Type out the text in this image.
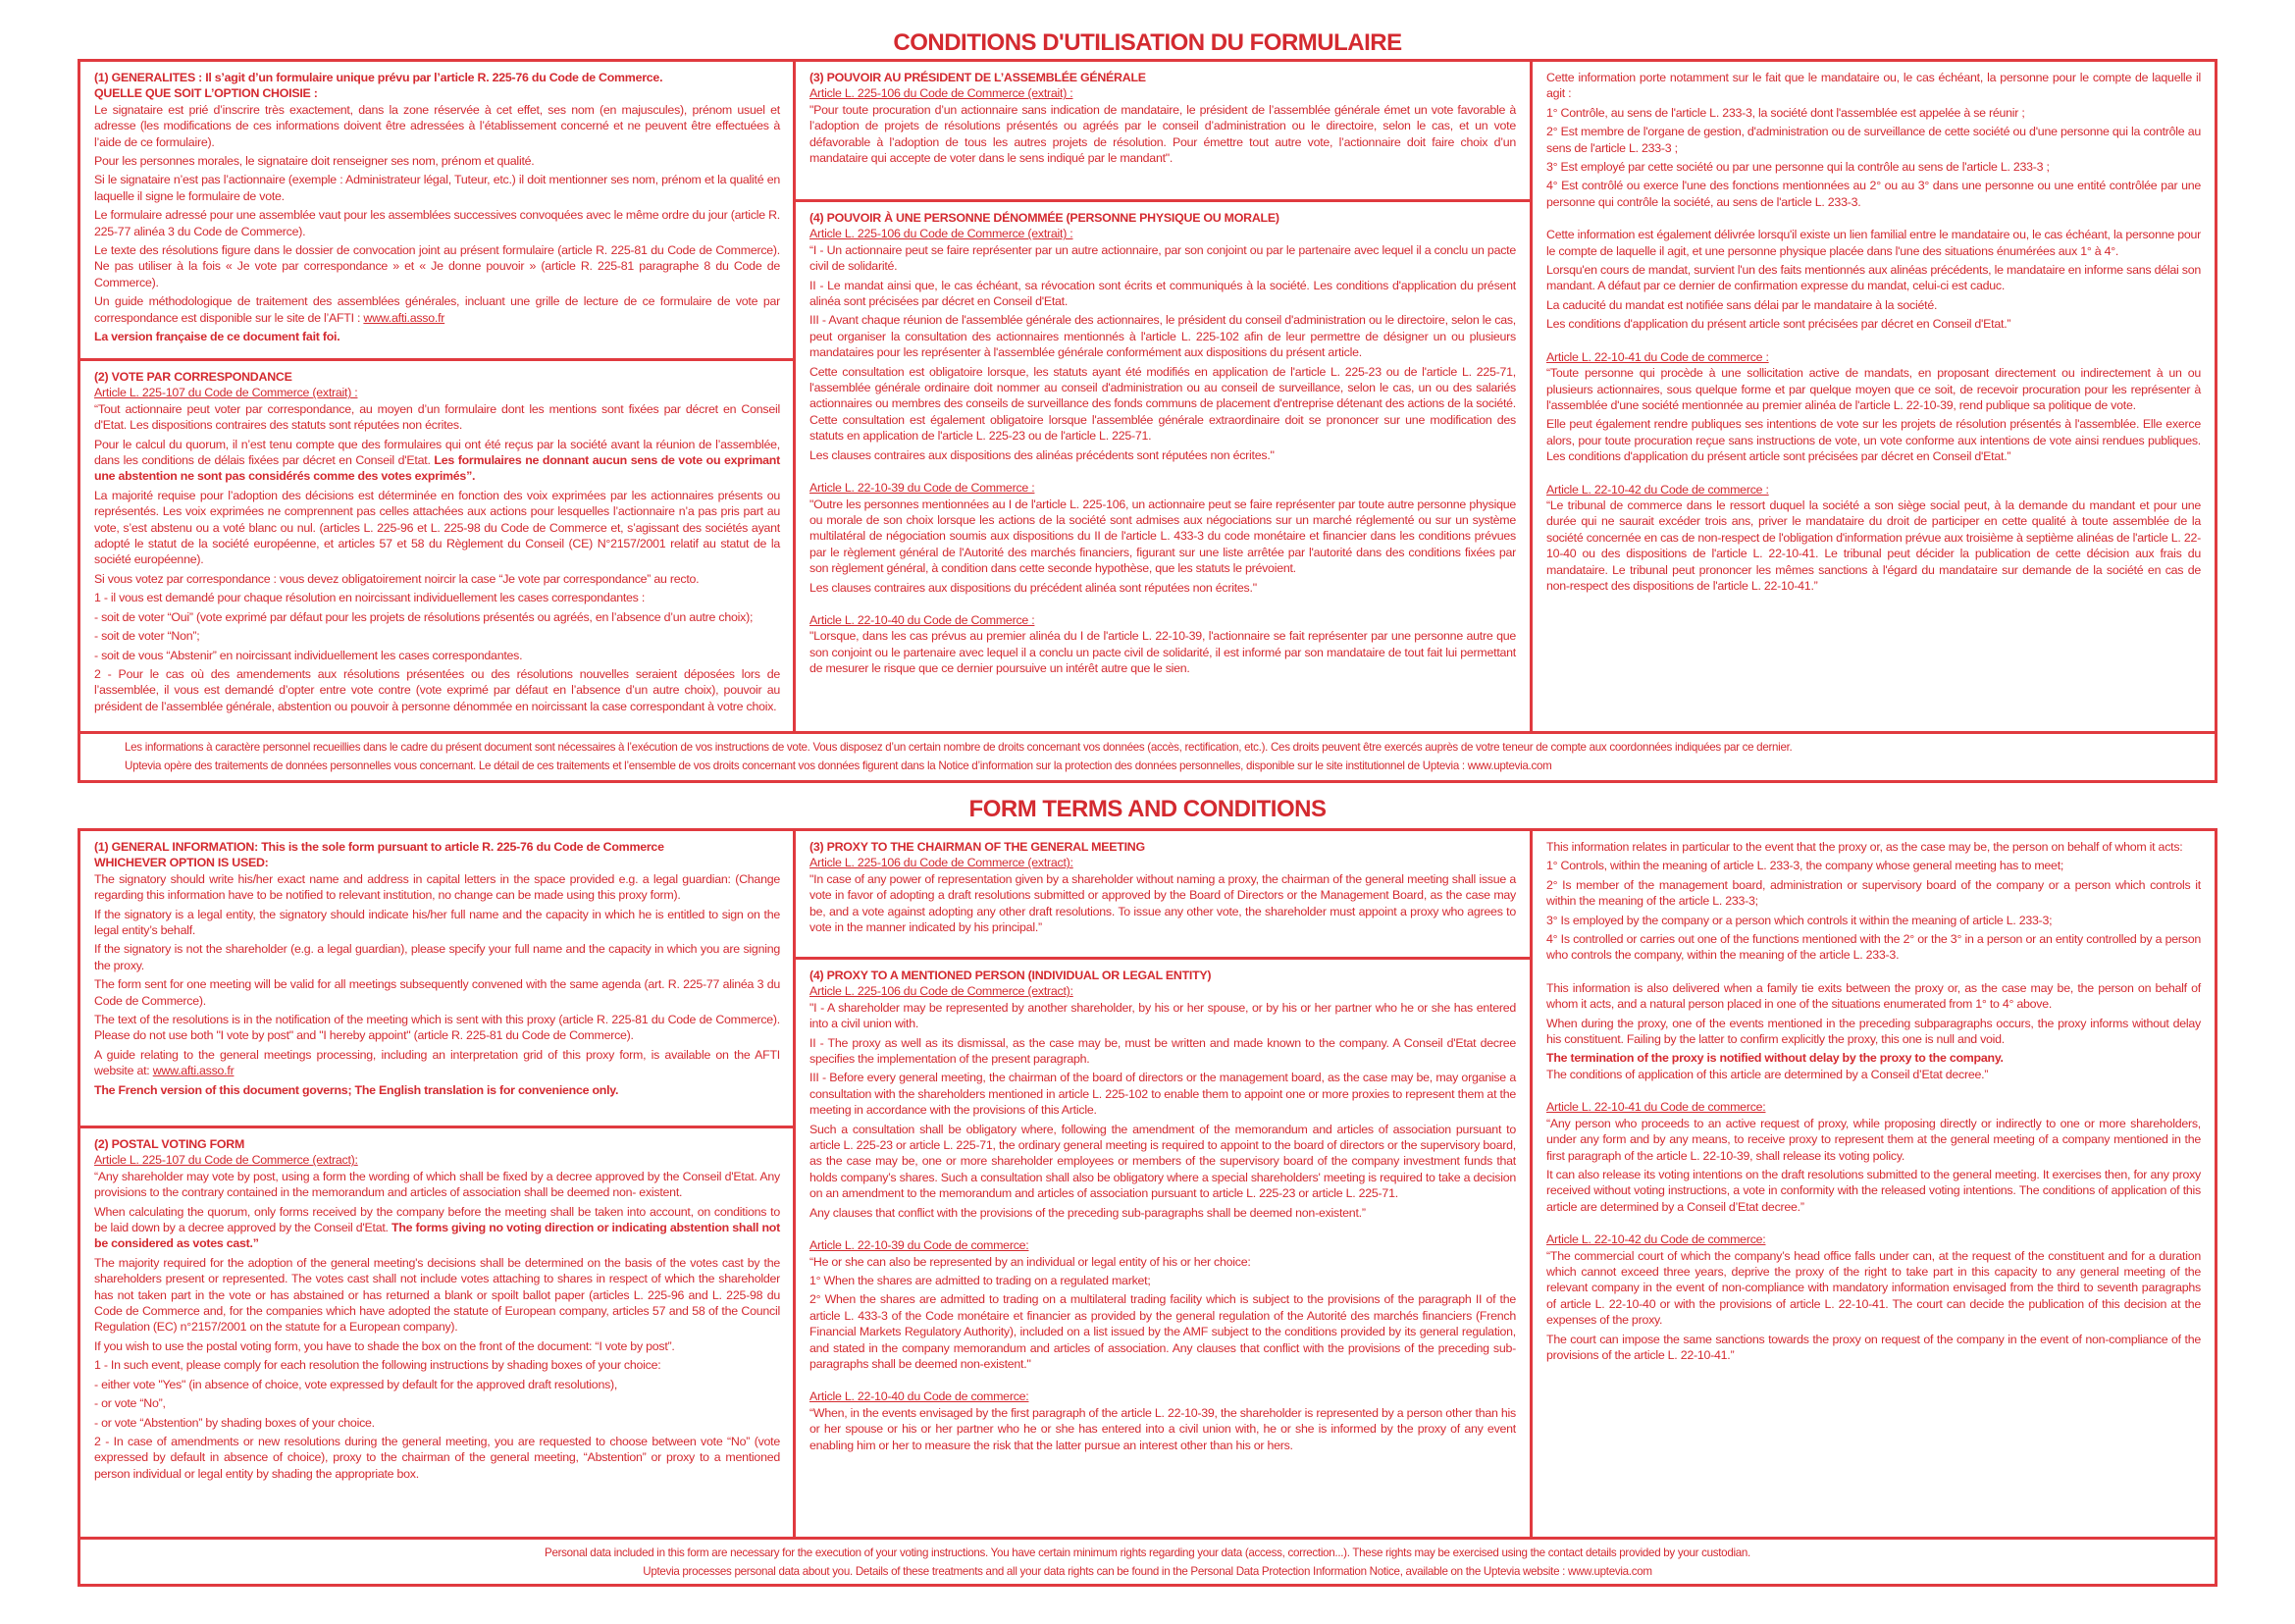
CONDITIONS D'UTILISATION DU FORMULAIRE
(1) GENERALITES : Il s’agit d’un formulaire unique prévu par l’article R. 225-76 du Code de Commerce.
QUELLE QUE SOIT L’OPTION CHOISIE :
Le signataire est prié d’inscrire très exactement, dans la zone réservée à cet effet, ses nom (en majuscules), prénom usuel et adresse (les modifications de ces informations doivent être adressées à l’établissement concerné et ne peuvent être effectuées à l’aide de ce formulaire).
Pour les personnes morales, le signataire doit renseigner ses nom, prénom et qualité.
Si le signataire n’est pas l’actionnaire (exemple : Administrateur légal, Tuteur, etc.) il doit mentionner ses nom, prénom et la qualité en laquelle il signe le formulaire de vote.
Le formulaire adressé pour une assemblée vaut pour les assemblées successives convoquées avec le même ordre du jour (article R. 225-77 alinéa 3 du Code de Commerce).
Le texte des résolutions figure dans le dossier de convocation joint au présent formulaire (article R. 225-81 du Code de Commerce). Ne pas utiliser à la fois « Je vote par correspondance » et « Je donne pouvoir » (article R. 225-81 paragraphe 8 du Code de Commerce).
Un guide méthodologique de traitement des assemblées générales, incluant une grille de lecture de ce formulaire de vote par correspondance est disponible sur le site de l’AFTI : www.afti.asso.fr
La version française de ce document fait foi.
(2) VOTE PAR CORRESPONDANCE
Article L. 225-107 du Code de Commerce (extrait) :
“Tout actionnaire peut voter par correspondance, au moyen d’un formulaire dont les mentions sont fixées par décret en Conseil d'Etat. Les dispositions contraires des statuts sont réputées non écrites.
Pour le calcul du quorum, il n’est tenu compte que des formulaires qui ont été reçus par la société avant la réunion de l’assemblée, dans les conditions de délais fixées par décret en Conseil d'Etat. Les formulaires ne donnant aucun sens de vote ou exprimant une abstention ne sont pas considérés comme des votes exprimés”.
La majorité requise pour l’adoption des décisions est déterminée en fonction des voix exprimées par les actionnaires présents ou représentés. Les voix exprimées ne comprennent pas celles attachées aux actions pour lesquelles l’actionnaire n’a pas pris part au vote, s’est abstenu ou a voté blanc ou nul. (articles L. 225-96 et L. 225-98 du Code de Commerce et, s’agissant des sociétés ayant adopté le statut de la société européenne, et articles 57 et 58 du Règlement du Conseil (CE) N°2157/2001 relatif au statut de la société européenne).
Si vous votez par correspondance : vous devez obligatoirement noircir la case “Je vote par correspondance” au recto.
1 - il vous est demandé pour chaque résolution en noircissant individuellement les cases correspondantes :
- soit de voter “Oui” (vote exprimé par défaut pour les projets de résolutions présentés ou agréés, en l’absence d’un autre choix);
- soit de voter “Non”;
- soit de vous “Abstenir” en noircissant individuellement les cases correspondantes.
2 - Pour le cas où des amendements aux résolutions présentées ou des résolutions nouvelles seraient déposées lors de l’assemblée, il vous est demandé d’opter entre vote contre (vote exprimé par défaut en l’absence d’un autre choix), pouvoir au président de l’assemblée générale, abstention ou pouvoir à personne dénommée en noircissant la case correspondant à votre choix.
(3) POUVOIR AU PRÉSIDENT DE L’ASSEMBLÉE GÉNÉRALE
Article L. 225-106 du Code de Commerce (extrait) :
"Pour toute procuration d’un actionnaire sans indication de mandataire, le président de l’assemblée générale émet un vote favorable à l’adoption de projets de résolutions présentés ou agréés par le conseil d’administration ou le directoire, selon le cas, et un vote défavorable à l’adoption de tous les autres projets de résolution. Pour émettre tout autre vote, l’actionnaire doit faire choix d’un mandataire qui accepte de voter dans le sens indiqué par le mandant".
(4) POUVOIR À UNE PERSONNE DÉNOMMÉE (PERSONNE PHYSIQUE OU MORALE)
Article L. 225-106 du Code de Commerce (extrait) :
“I - Un actionnaire peut se faire représenter par un autre actionnaire, par son conjoint ou par le partenaire avec lequel il a conclu un pacte civil de solidarité.
II - Le mandat ainsi que, le cas échéant, sa révocation sont écrits et communiqués à la société. Les conditions d'application du présent alinéa sont précisées par décret en Conseil d'Etat.
III - Avant chaque réunion de l'assemblée générale des actionnaires, le président du conseil d'administration ou le directoire, selon le cas, peut organiser la consultation des actionnaires mentionnés à l'article L. 225-102 afin de leur permettre de désigner un ou plusieurs mandataires pour les représenter à l'assemblée générale conformément aux dispositions du présent article.
Cette consultation est obligatoire lorsque, les statuts ayant été modifiés en application de l'article L. 225-23 ou de l'article L. 225-71, l'assemblée générale ordinaire doit nommer au conseil d'administration ou au conseil de surveillance, selon le cas, un ou des salariés actionnaires ou membres des conseils de surveillance des fonds communs de placement d'entreprise détenant des actions de la société. Cette consultation est également obligatoire lorsque l'assemblée générale extraordinaire doit se prononcer sur une modification des statuts en application de l'article L. 225-23 ou de l'article L. 225-71.
Les clauses contraires aux dispositions des alinéas précédents sont réputées non écrites."
Article L. 22-10-39 du Code de Commerce :
"Outre les personnes mentionnées au I de l'article L. 225-106, un actionnaire peut se faire représenter par toute autre personne physique ou morale de son choix lorsque les actions de la société sont admises aux négociations sur un marché réglementé ou sur un système multilatéral de négociation soumis aux dispositions du II de l'article L. 433-3 du code monétaire et financier dans les conditions prévues par le règlement général de l'Autorité des marchés financiers, figurant sur une liste arrêtée par l'autorité dans des conditions fixées par son règlement général, à condition dans cette seconde hypothèse, que les statuts le prévoient.
Les clauses contraires aux dispositions du précédent alinéa sont réputées non écrites."
Article L. 22-10-40 du Code de Commerce :
"Lorsque, dans les cas prévus au premier alinéa du I de l'article L. 22-10-39, l'actionnaire se fait représenter par une personne autre que son conjoint ou le partenaire avec lequel il a conclu un pacte civil de solidarité, il est informé par son mandataire de tout fait lui permettant de mesurer le risque que ce dernier poursuive un intérêt autre que le sien.
Cette information porte notamment sur le fait que le mandataire ou, le cas échéant, la personne pour le compte de laquelle il agit :
1° Contrôle, au sens de l'article L. 233-3, la société dont l'assemblée est appelée à se réunir ;
2° Est membre de l'organe de gestion, d'administration ou de surveillance de cette société ou d'une personne qui la contrôle au sens de l'article L. 233-3 ;
3° Est employé par cette société ou par une personne qui la contrôle au sens de l'article L. 233-3 ;
4° Est contrôlé ou exerce l'une des fonctions mentionnées au 2° ou au 3° dans une personne ou une entité contrôlée par une personne qui contrôle la société, au sens de l'article L. 233-3.
Cette information est également délivrée lorsqu'il existe un lien familial entre le mandataire ou, le cas échéant, la personne pour le compte de laquelle il agit, et une personne physique placée dans l'une des situations énumérées aux 1° à 4°.
Lorsqu'en cours de mandat, survient l'un des faits mentionnés aux alinéas précédents, le mandataire en informe sans délai son mandant. A défaut par ce dernier de confirmation expresse du mandat, celui-ci est caduc.
La caducité du mandat est notifiée sans délai par le mandataire à la société.
Les conditions d'application du présent article sont précisées par décret en Conseil d'Etat.”
Article L. 22-10-41 du Code de commerce :
“Toute personne qui procède à une sollicitation active de mandats, en proposant directement ou indirectement à un ou plusieurs actionnaires, sous quelque forme et par quelque moyen que ce soit, de recevoir procuration pour les représenter à l'assemblée d'une société mentionnée au premier alinéa de l'article L. 22-10-39, rend publique sa politique de vote.
Elle peut également rendre publiques ses intentions de vote sur les projets de résolution présentés à l'assemblée. Elle exerce alors, pour toute procuration reçue sans instructions de vote, un vote conforme aux intentions de vote ainsi rendues publiques. Les conditions d'application du présent article sont précisées par décret en Conseil d'Etat.”
Article L. 22-10-42 du Code de commerce :
“Le tribunal de commerce dans le ressort duquel la société a son siège social peut, à la demande du mandant et pour une durée qui ne saurait excéder trois ans, priver le mandataire du droit de participer en cette qualité à toute assemblée de la société concernée en cas de non-respect de l'obligation d'information prévue aux troisième à septième alinéas de l'article L. 22-10-40 ou des dispositions de l'article L. 22-10-41. Le tribunal peut décider la publication de cette décision aux frais du mandataire. Le tribunal peut prononcer les mêmes sanctions à l'égard du mandataire sur demande de la société en cas de non-respect des dispositions de l'article L. 22-10-41.”
Les informations à caractère personnel recueillies dans le cadre du présent document sont nécessaires à l’exécution de vos instructions de vote. Vous disposez d’un certain nombre de droits concernant vos données (accès, rectification, etc.). Ces droits peuvent être exercés auprès de votre teneur de compte aux coordonnées indiquées par ce dernier.
Uptevia opère des traitements de données personnelles vous concernant. Le détail de ces traitements et l’ensemble de vos droits concernant vos données figurent dans la Notice d’information sur la protection des données personnelles, disponible sur le site institutionnel de Uptevia : www.uptevia.com
FORM TERMS AND CONDITIONS
(1) GENERAL INFORMATION: This is the sole form pursuant to article R. 225-76 du Code de Commerce
WHICHEVER OPTION IS USED:
The signatory should write his/her exact name and address in capital letters in the space provided e.g. a legal guardian: (Change regarding this information have to be notified to relevant institution, no change can be made using this proxy form).
If the signatory is a legal entity, the signatory should indicate his/her full name and the capacity in which he is entitled to sign on the legal entity’s behalf.
If the signatory is not the shareholder (e.g. a legal guardian), please specify your full name and the capacity in which you are signing the proxy.
The form sent for one meeting will be valid for all meetings subsequently convened with the same agenda (art. R. 225-77 alinéa 3 du Code de Commerce).
The text of the resolutions is in the notification of the meeting which is sent with this proxy (article R. 225-81 du Code de Commerce). Please do not use both "I vote by post" and "I hereby appoint" (article R. 225-81 du Code de Commerce).
A guide relating to the general meetings processing, including an interpretation grid of this proxy form, is available on the AFTI website at: www.afti.asso.fr
The French version of this document governs; The English translation is for convenience only.
(2) POSTAL VOTING FORM
Article L. 225-107 du Code de Commerce (extract):
“Any shareholder may vote by post, using a form the wording of which shall be fixed by a decree approved by the Conseil d'Etat. Any provisions to the contrary contained in the memorandum and articles of association shall be deemed non- existent.
When calculating the quorum, only forms received by the company before the meeting shall be taken into account, on conditions to be laid down by a decree approved by the Conseil d'Etat. The forms giving no voting direction or indicating abstention shall not be considered as votes cast.”
The majority required for the adoption of the general meeting's decisions shall be determined on the basis of the votes cast by the shareholders present or represented. The votes cast shall not include votes attaching to shares in respect of which the shareholder has not taken part in the vote or has abstained or has returned a blank or spoilt ballot paper (articles L. 225-96 and L. 225-98 du Code de Commerce and, for the companies which have adopted the statute of European company, articles 57 and 58 of the Council Regulation (EC) n°2157/2001 on the statute for a European company).
If you wish to use the postal voting form, you have to shade the box on the front of the document: “I vote by post”.
1 - In such event, please comply for each resolution the following instructions by shading boxes of your choice:
- either vote "Yes" (in absence of choice, vote expressed by default for the approved draft resolutions),
- or vote “No”,
- or vote “Abstention” by shading boxes of your choice.
2 - In case of amendments or new resolutions during the general meeting, you are requested to choose between vote “No” (vote expressed by default in absence of choice), proxy to the chairman of the general meeting, “Abstention” or proxy to a mentioned person individual or legal entity by shading the appropriate box.
(3) PROXY TO THE CHAIRMAN OF THE GENERAL MEETING
Article L. 225-106 du Code de Commerce (extract):
"In case of any power of representation given by a shareholder without naming a proxy, the chairman of the general meeting shall issue a vote in favor of adopting a draft resolutions submitted or approved by the Board of Directors or the Management Board, as the case may be, and a vote against adopting any other draft resolutions. To issue any other vote, the shareholder must appoint a proxy who agrees to vote in the manner indicated by his principal.”
(4) PROXY TO A MENTIONED PERSON (INDIVIDUAL OR LEGAL ENTITY)
Article L. 225-106 du Code de Commerce (extract):
"I - A shareholder may be represented by another shareholder, by his or her spouse, or by his or her partner who he or she has entered into a civil union with.
II - The proxy as well as its dismissal, as the case may be, must be written and made known to the company. A Conseil d'Etat decree specifies the implementation of the present paragraph.
III - Before every general meeting, the chairman of the board of directors or the management board, as the case may be, may organise a consultation with the shareholders mentioned in article L. 225-102 to enable them to appoint one or more proxies to represent them at the meeting in accordance with the provisions of this Article.
Such a consultation shall be obligatory where, following the amendment of the memorandum and articles of association pursuant to article L. 225-23 or article L. 225-71, the ordinary general meeting is required to appoint to the board of directors or the supervisory board, as the case may be, one or more shareholder employees or members of the supervisory board of the company investment funds that holds company’s shares. Such a consultation shall also be obligatory where a special shareholders' meeting is required to take a decision on an amendment to the memorandum and articles of association pursuant to article L. 225-23 or article L. 225-71.
Any clauses that conflict with the provisions of the preceding sub-paragraphs shall be deemed non-existent.”
Article L. 22-10-39 du Code de commerce:
“He or she can also be represented by an individual or legal entity of his or her choice:
1° When the shares are admitted to trading on a regulated market;
2° When the shares are admitted to trading on a multilateral trading facility which is subject to the provisions of the paragraph II of the article L. 433-3 of the Code monétaire et financier as provided by the general regulation of the Autorité des marchés financiers (French Financial Markets Regulatory Authority), included on a list issued by the AMF subject to the conditions provided by its general regulation, and stated in the company memorandum and articles of association. Any clauses that conflict with the provisions of the preceding sub-paragraphs shall be deemed non-existent."
Article L. 22-10-40 du Code de commerce:
“When, in the events envisaged by the first paragraph of the article L. 22-10-39, the shareholder is represented by a person other than his or her spouse or his or her partner who he or she has entered into a civil union with, he or she is informed by the proxy of any event enabling him or her to measure the risk that the latter pursue an interest other than his or hers.
This information relates in particular to the event that the proxy or, as the case may be, the person on behalf of whom it acts:
1° Controls, within the meaning of article L. 233-3, the company whose general meeting has to meet;
2° Is member of the management board, administration or supervisory board of the company or a person which controls it within the meaning of the article L. 233-3;
3° Is employed by the company or a person which controls it within the meaning of article L. 233-3;
4° Is controlled or carries out one of the functions mentioned with the 2° or the 3° in a person or an entity controlled by a person who controls the company, within the meaning of the article L. 233-3.
This information is also delivered when a family tie exits between the proxy or, as the case may be, the person on behalf of whom it acts, and a natural person placed in one of the situations enumerated from 1° to 4° above.
When during the proxy, one of the events mentioned in the preceding subparagraphs occurs, the proxy informs without delay his constituent. Failing by the latter to confirm explicitly the proxy, this one is null and void.
The termination of the proxy is notified without delay by the proxy to the company.
The conditions of application of this article are determined by a Conseil d’Etat decree.”
Article L. 22-10-41 du Code de commerce:
“Any person who proceeds to an active request of proxy, while proposing directly or indirectly to one or more shareholders, under any form and by any means, to receive proxy to represent them at the general meeting of a company mentioned in the first paragraph of the article L. 22-10-39, shall release its voting policy.
It can also release its voting intentions on the draft resolutions submitted to the general meeting. It exercises then, for any proxy received without voting instructions, a vote in conformity with the released voting intentions. The conditions of application of this article are determined by a Conseil d’Etat decree.”
Article L. 22-10-42 du Code de commerce:
“The commercial court of which the company’s head office falls under can, at the request of the constituent and for a duration which cannot exceed three years, deprive the proxy of the right to take part in this capacity to any general meeting of the relevant company in the event of non-compliance with mandatory information envisaged from the third to seventh paragraphs of article L. 22-10-40 or with the provisions of article L. 22-10-41. The court can decide the publication of this decision at the expenses of the proxy.
The court can impose the same sanctions towards the proxy on request of the company in the event of non-compliance of the provisions of the article L. 22-10-41.”
Personal data included in this form are necessary for the execution of your voting instructions. You have certain minimum rights regarding your data (access, correction...). These rights may be exercised using the contact details provided by your custodian.
Uptevia processes personal data about you. Details of these treatments and all your data rights can be found in the Personal Data Protection Information Notice, available on the Uptevia website : www.uptevia.com
